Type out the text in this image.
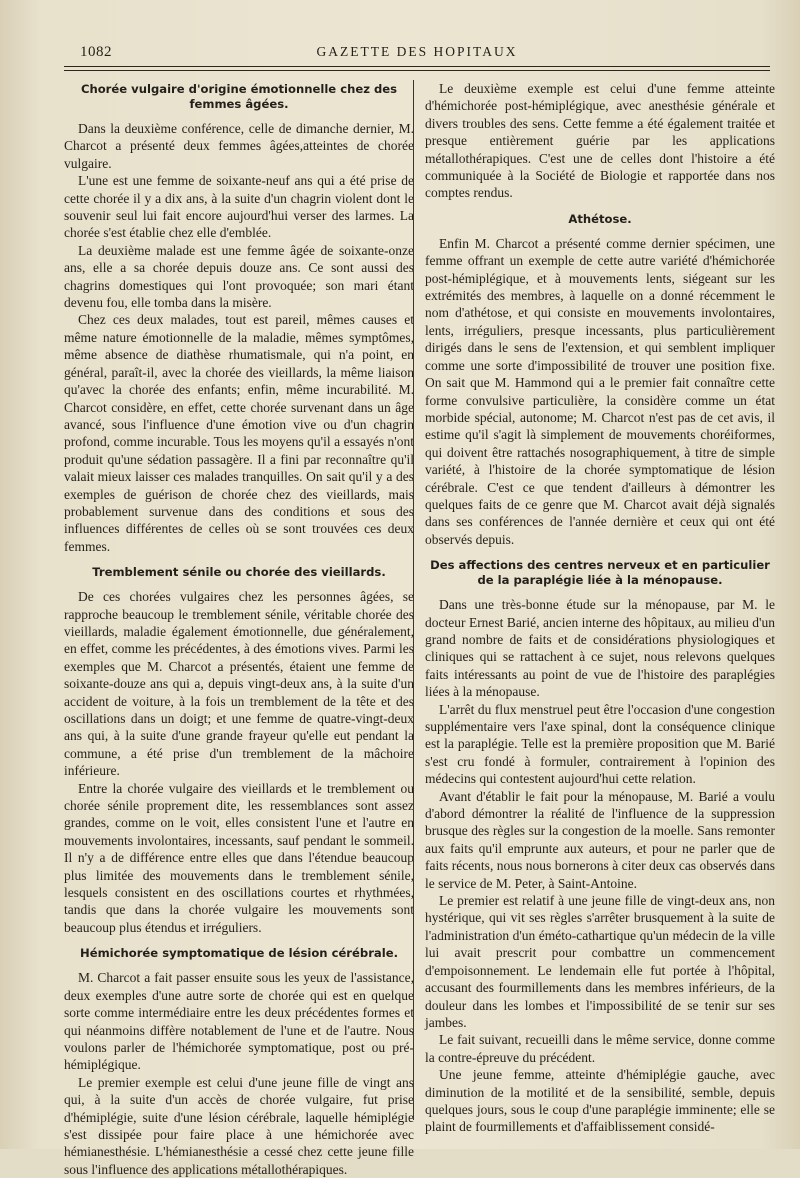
1082	GAZETTE DES HOPITAUX
Chorée vulgaire d'origine émotionnelle chez des femmes âgées.

Dans la deuxième conférence, celle de dimanche dernier, M. Charcot a présenté deux femmes âgées,atteintes de chorée vulgaire.

L'une est une femme de soixante-neuf ans qui a été prise de cette chorée il y a dix ans, à la suite d'un chagrin violent dont le souvenir seul lui fait encore aujourd'hui verser des larmes. La chorée s'est établie chez elle d'emblée.

La deuxième malade est une femme âgée de soixante-onze ans, elle a sa chorée depuis douze ans. Ce sont aussi des chagrins domestiques qui l'ont provoquée; son mari étant devenu fou, elle tomba dans la misère.

Chez ces deux malades, tout est pareil, mêmes causes et même nature émotionnelle de la maladie, mêmes symptômes, même absence de diathèse rhumatismale, qui n'a point, en général, paraît-il, avec la chorée des vieillards, la même liaison qu'avec la chorée des enfants; enfin, même incurabilité. M. Charcot considère, en effet, cette chorée survenant dans un âge avancé, sous l'influence d'une émotion vive ou d'un chagrin profond, comme incurable. Tous les moyens qu'il a essayés n'ont produit qu'une sédation passagère. Il a fini par reconnaître qu'il valait mieux laisser ces malades tranquilles. On sait qu'il y a des exemples de guérison de chorée chez des vieillards, mais probablement survenue dans des conditions et sous des influences différentes de celles où se sont trouvées ces deux femmes.

Tremblement sénile ou chorée des vieillards.

De ces chorées vulgaires chez les personnes âgées, se rapproche beaucoup le tremblement sénile, véritable chorée des vieillards, maladie également émotionnelle, due généralement, en effet, comme les précédentes, à des émotions vives. Parmi les exemples que M. Charcot a présentés, étaient une femme de soixante-douze ans qui a, depuis vingt-deux ans, à la suite d'un accident de voiture, à la fois un tremblement de la tête et des oscillations dans un doigt; et une femme de quatre-vingt-deux ans qui, à la suite d'une grande frayeur qu'elle eut pendant la commune, a été prise d'un tremblement de la mâchoire inférieure.

Entre la chorée vulgaire des vieillards et le tremblement ou chorée sénile proprement dite, les ressemblances sont assez grandes, comme on le voit, elles consistent l'une et l'autre en mouvements involontaires, incessants, sauf pendant le sommeil. Il n'y a de différence entre elles que dans l'étendue beaucoup plus limitée des mouvements dans le tremblement sénile, lesquels consistent en des oscillations courtes et rhythmées, tandis que dans la chorée vulgaire les mouvements sont beaucoup plus étendus et irréguliers.

Hémichorée symptomatique de lésion cérébrale.

M. Charcot a fait passer ensuite sous les yeux de l'assistance, deux exemples d'une autre sorte de chorée qui est en quelque sorte comme intermédiaire entre les deux précédentes formes et qui néanmoins diffère notablement de l'une et de l'autre. Nous voulons parler de l'hémichorée symptomatique, post ou pré-hémiplégique.

Le premier exemple est celui d'une jeune fille de vingt ans qui, à la suite d'un accès de chorée vulgaire, fut prise d'hémiplégie, suite d'une lésion cérébrale, laquelle hémiplégie s'est dissipée pour faire place à une hémichorée avec hémianesthésie. L'hémianesthésie a cessé chez cette jeune fille sous l'influence des applications métallothérapiques.

Le deuxième exemple est celui d'une femme atteinte d'hémichorée post-hémiplégique, avec anesthésie générale et divers troubles des sens. Cette femme a été également traitée et presque entièrement guérie par les applications métallothérapiques. C'est une de celles dont l'histoire a été communiquée à la Société de Biologie et rapportée dans nos comptes rendus.

Athétose.

Enfin M. Charcot a présenté comme dernier spécimen, une femme offrant un exemple de cette autre variété d'hémichorée post-hémiplégique, et à mouvements lents, siégeant sur les extrémités des membres, à laquelle on a donné récemment le nom d'athétose, et qui consiste en mouvements involontaires, lents, irréguliers, presque incessants, plus particulièrement dirigés dans le sens de l'extension, et qui semblent impliquer comme une sorte d'impossibilité de trouver une position fixe. On sait que M. Hammond qui a le premier fait connaître cette forme convulsive particulière, la considère comme un état morbide spécial, autonome; M. Charcot n'est pas de cet avis, il estime qu'il s'agit là simplement de mouvements choréiformes, qui doivent être rattachés nosographiquement, à titre de simple variété, à l'histoire de la chorée symptomatique de lésion cérébrale. C'est ce que tendent d'ailleurs à démontrer les quelques faits de ce genre que M. Charcot avait déjà signalés dans ses conférences de l'année dernière et ceux qui ont été observés depuis.

Des affections des centres nerveux et en particulier de la paraplégie liée à la ménopause.

Dans une très-bonne étude sur la ménopause, par M. le docteur Ernest Barié, ancien interne des hôpitaux, au milieu d'un grand nombre de faits et de considérations physiologiques et cliniques qui se rattachent à ce sujet, nous relevons quelques faits intéressants au point de vue de l'histoire des paraplégies liées à la ménopause.

L'arrêt du flux menstruel peut être l'occasion d'une congestion supplémentaire vers l'axe spinal, dont la conséquence clinique est la paraplégie. Telle est la première proposition que M. Barié s'est cru fondé à formuler, contrairement à l'opinion des médecins qui contestent aujourd'hui cette relation.

Avant d'établir le fait pour la ménopause, M. Barié a voulu d'abord démontrer la réalité de l'influence de la suppression brusque des règles sur la congestion de la moelle. Sans remonter aux faits qu'il emprunte aux auteurs, et pour ne parler que de faits récents, nous nous bornerons à citer deux cas observés dans le service de M. Peter, à Saint-Antoine.

Le premier est relatif à une jeune fille de vingt-deux ans, non hystérique, qui vit ses règles s'arrêter brusquement à la suite de l'administration d'un éméto-cathartique qu'un médecin de la ville lui avait prescrit pour combattre un commencement d'empoisonnement. Le lendemain elle fut portée à l'hôpital, accusant des fourmillements dans les membres inférieurs, de la douleur dans les lombes et l'impossibilité de se tenir sur ses jambes.

Le fait suivant, recueilli dans le même service, donne comme la contre-épreuve du précédent.

Une jeune femme, atteinte d'hémiplégie gauche, avec diminution de la motilité et de la sensibilité, semble, depuis quelques jours, sous le coup d'une paraplégie imminente; elle se plaint de fourmillements et d'affaiblissement considé-
